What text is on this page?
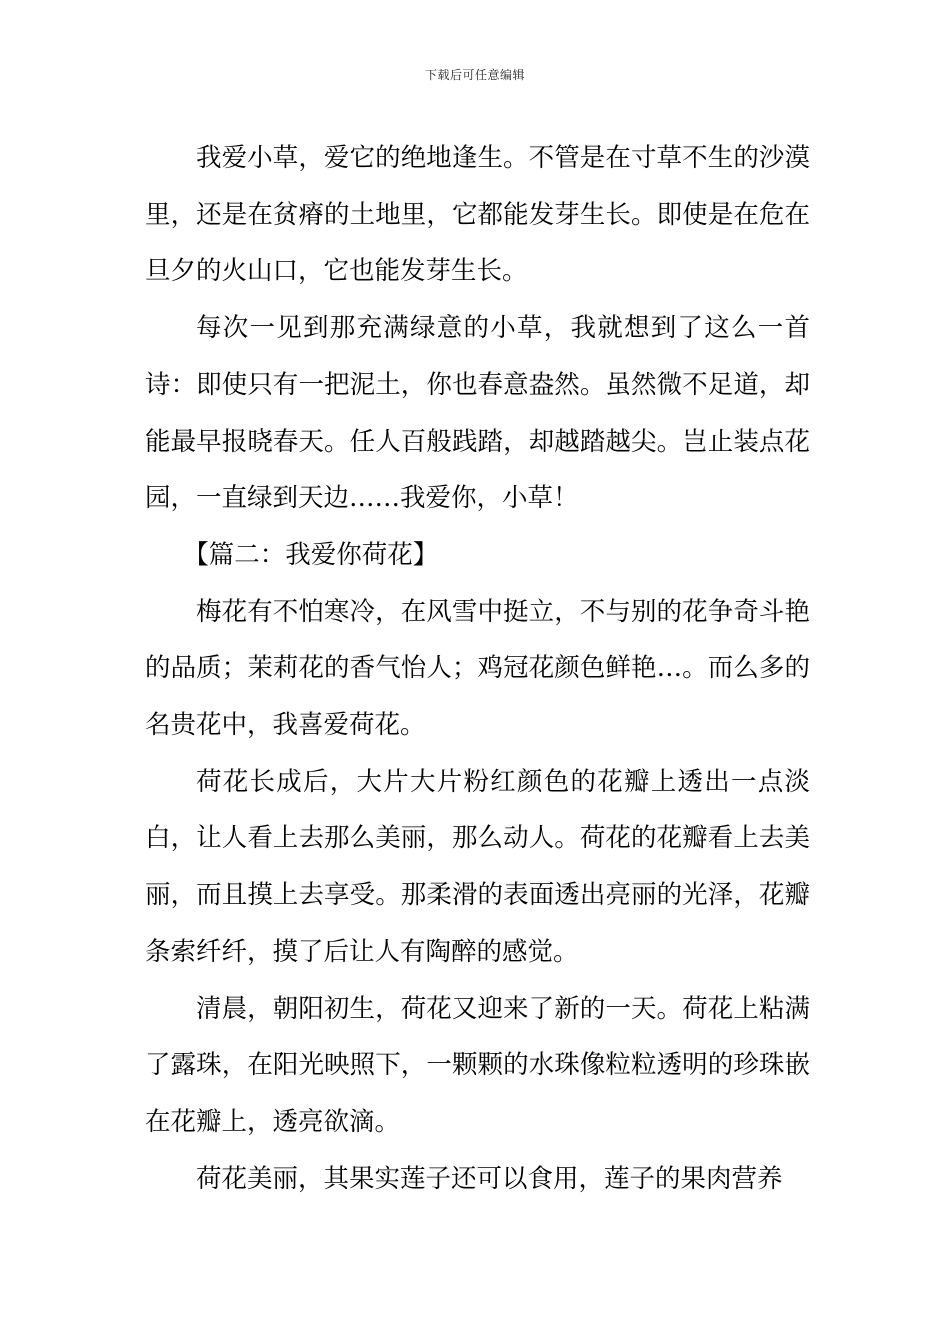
下载后可任意编辑

我爱小草，爱它的绝地逢生。不管是在寸草不生的沙漠里，还是在贫瘠的土地里，它都能发芽生长。即使是在危在旦夕的火山口，它也能发芽生长。

每次一见到那充满绿意的小草，我就想到了这么一首诗：即使只有一把泥土，你也春意盎然。虽然微不足道，却能最早报晓春天。任人百般践踏，却越踏越尖。岂止装点花园，一直绿到天边……我爱你，小草！

【篇二：我爱你荷花】

梅花有不怕寒冷，在风雪中挺立，不与别的花争奇斗艳的品质；茉莉花的香气怡人；鸡冠花颜色鲜艳…。而么多的名贵花中，我喜爱荷花。

荷花长成后，大片大片粉红颜色的花瓣上透出一点淡白，让人看上去那么美丽，那么动人。荷花的花瓣看上去美丽，而且摸上去享受。那柔滑的表面透出亮丽的光泽，花瓣条索纤纤，摸了后让人有陶醉的感觉。

清晨，朝阳初生，荷花又迎来了新的一天。荷花上粘满了露珠，在阳光映照下，一颗颗的水珠像粒粒透明的珍珠嵌在花瓣上，透亮欲滴。

荷花美丽，其果实莲子还可以食用，莲子的果肉营养
